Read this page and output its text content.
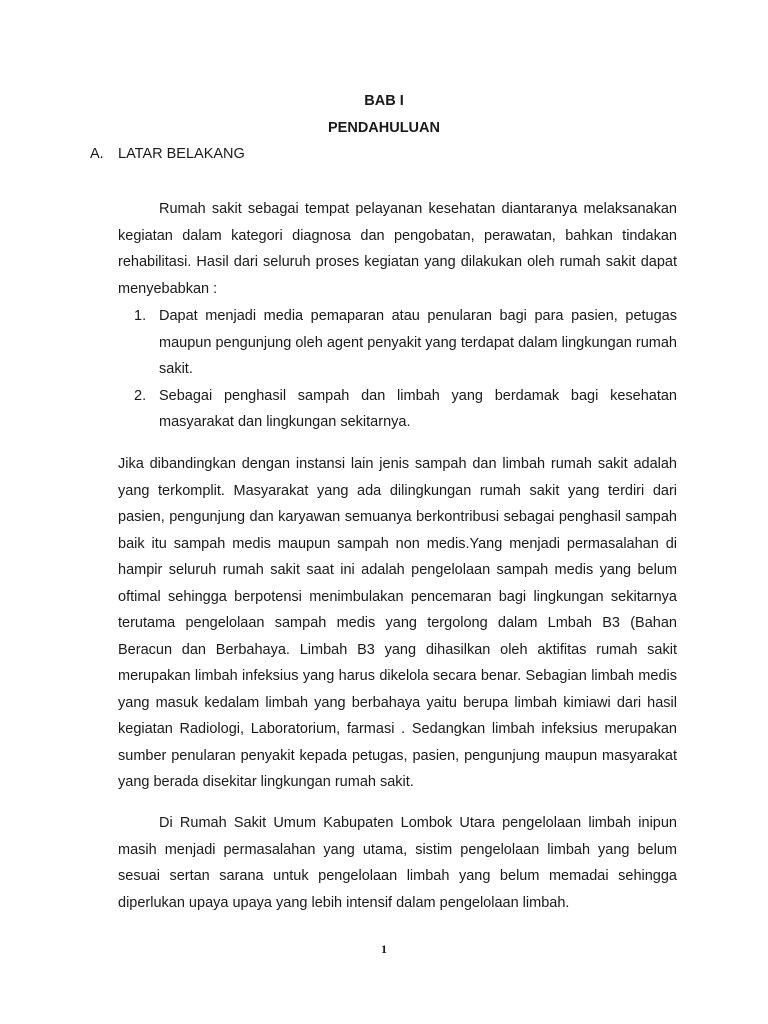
BAB I
PENDAHULUAN
A. LATAR BELAKANG

Rumah sakit sebagai tempat pelayanan kesehatan diantaranya melaksanakan kegiatan dalam kategori diagnosa dan pengobatan, perawatan, bahkan tindakan rehabilitasi. Hasil dari seluruh proses kegiatan yang dilakukan oleh rumah sakit dapat menyebabkan :

1. Dapat menjadi media pemaparan atau penularan bagi para pasien, petugas maupun pengunjung oleh agent penyakit yang terdapat dalam lingkungan rumah sakit.
2. Sebagai penghasil sampah dan limbah yang berdamak bagi kesehatan masyarakat dan lingkungan sekitarnya.

Jika dibandingkan dengan instansi lain jenis sampah dan limbah rumah sakit adalah yang terkomplit. Masyarakat yang ada dilingkungan rumah sakit yang terdiri dari pasien, pengunjung dan karyawan semuanya berkontribusi sebagai penghasil sampah baik itu sampah medis maupun sampah non medis.Yang menjadi permasalahan di hampir seluruh rumah sakit saat ini adalah pengelolaan sampah medis yang belum oftimal sehingga berpotensi menimbulakan pencemaran bagi lingkungan sekitarnya terutama pengelolaan sampah medis yang tergolong dalam Lmbah B3 (Bahan Beracun dan Berbahaya. Limbah B3 yang dihasilkan oleh aktifitas rumah sakit merupakan limbah infeksius yang harus dikelola secara benar. Sebagian limbah medis yang masuk kedalam limbah yang berbahaya yaitu berupa limbah kimiawi dari hasil kegiatan Radiologi, Laboratorium, farmasi . Sedangkan limbah infeksius merupakan sumber penularan penyakit kepada petugas, pasien, pengunjung maupun masyarakat yang berada disekitar lingkungan rumah sakit.

Di Rumah Sakit Umum Kabupaten Lombok Utara pengelolaan limbah inipun masih menjadi permasalahan yang utama, sistim pengelolaan limbah yang belum sesuai sertan sarana untuk pengelolaan limbah yang belum memadai sehingga diperlukan upaya upaya yang lebih intensif dalam pengelolaan limbah.

1
